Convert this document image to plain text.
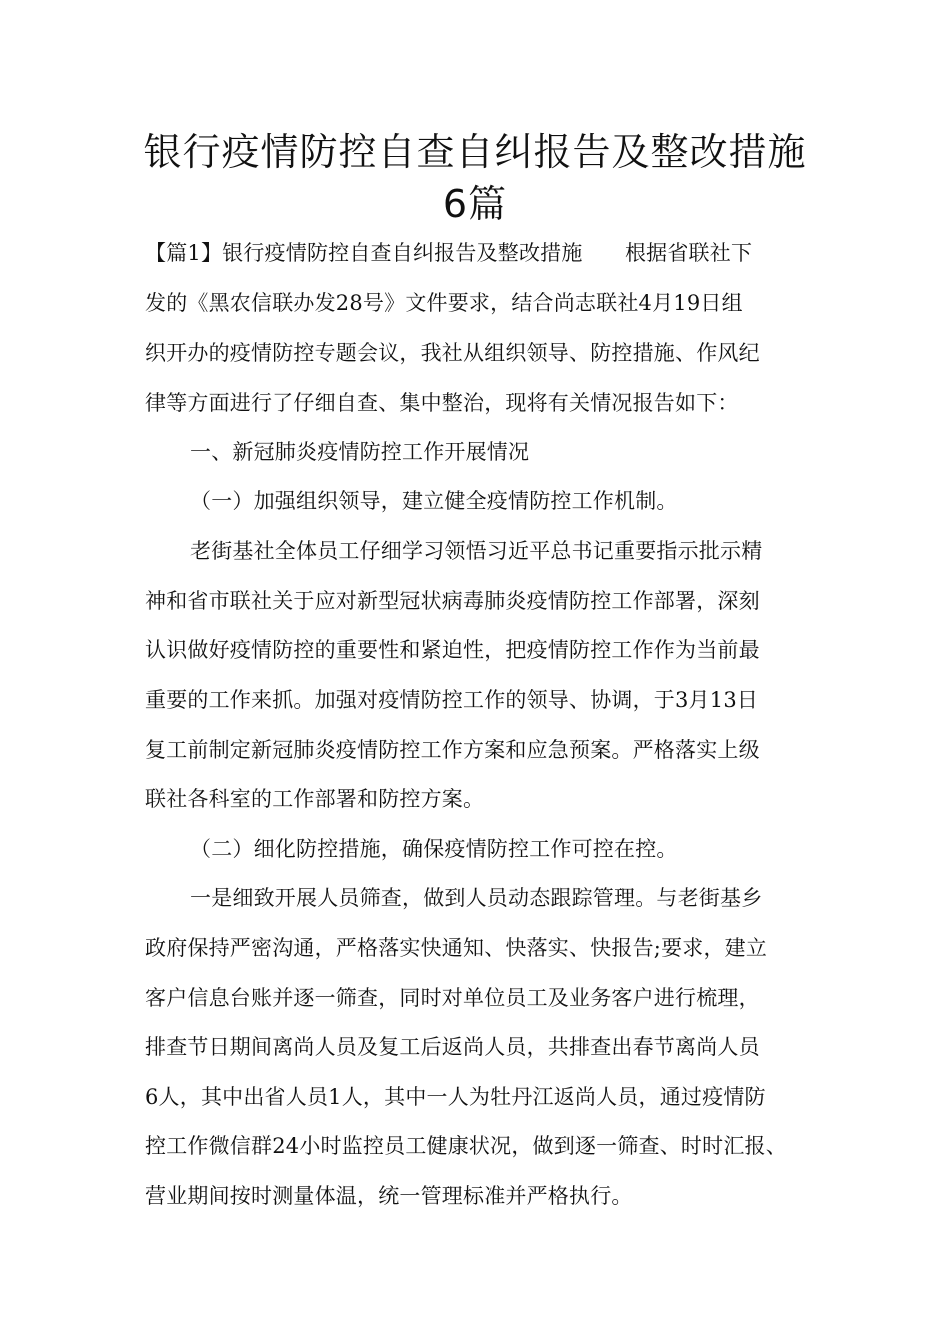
银行疫情防控自查自纠报告及整改措施
6篇
【篇1】银行疫情防控自查自纠报告及整改措施　　根据省联社下
发的《黑农信联办发28号》文件要求，结合尚志联社4月19日组
织开办的疫情防控专题会议，我社从组织领导、防控措施、作风纪
律等方面进行了仔细自查、集中整治，现将有关情况报告如下：
一、新冠肺炎疫情防控工作开展情况
（一）加强组织领导，建立健全疫情防控工作机制。
老街基社全体员工仔细学习领悟习近平总书记重要指示批示精
神和省市联社关于应对新型冠状病毒肺炎疫情防控工作部署，深刻
认识做好疫情防控的重要性和紧迫性，把疫情防控工作作为当前最
重要的工作来抓。加强对疫情防控工作的领导、协调，于3月13日
复工前制定新冠肺炎疫情防控工作方案和应急预案。严格落实上级
联社各科室的工作部署和防控方案。
（二）细化防控措施，确保疫情防控工作可控在控。
一是细致开展人员筛查，做到人员动态跟踪管理。与老街基乡
政府保持严密沟通，严格落实快通知、快落实、快报告;要求，建立
客户信息台账并逐一筛查，同时对单位员工及业务客户进行梳理，
排查节日期间离尚人员及复工后返尚人员，共排查出春节离尚人员
6人，其中出省人员1人，其中一人为牡丹江返尚人员，通过疫情防
控工作微信群24小时监控员工健康状况，做到逐一筛查、时时汇报、
营业期间按时测量体温，统一管理标准并严格执行。
